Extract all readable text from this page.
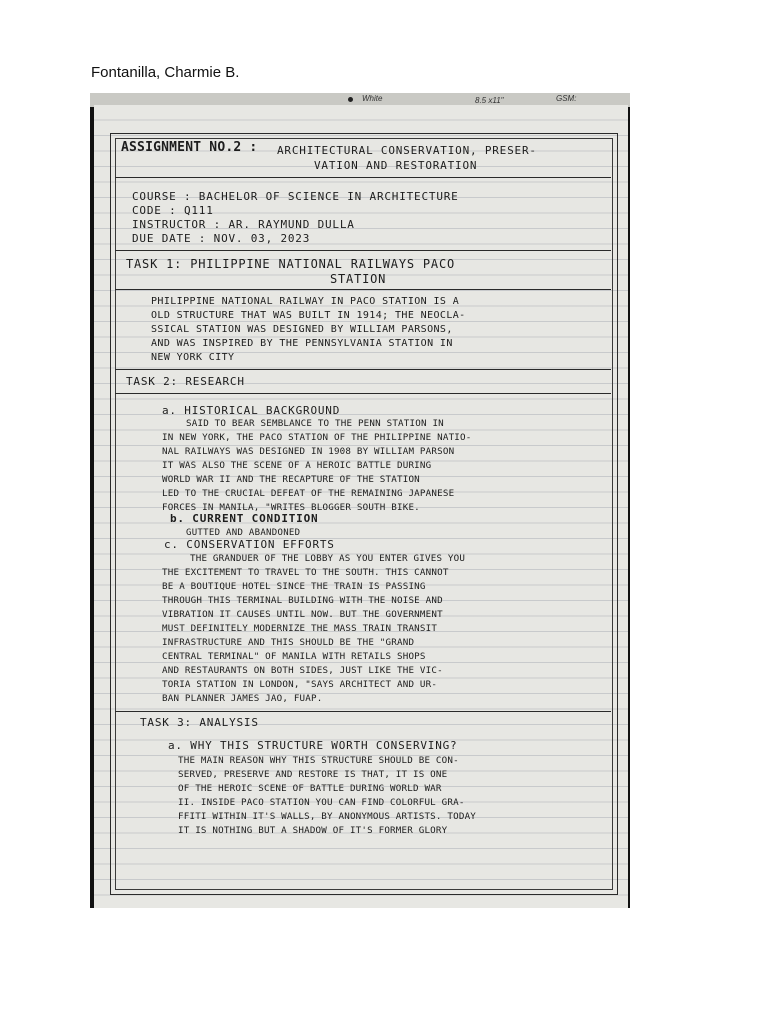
Fontanilla, Charmie B.
White	8.5 x11"	GSM:
ASSIGNMENT NO.2 : ARCHITECTURAL CONSERVATION, PRESER-
VATION AND RESTORATION
COURSE : BACHELOR OF SCIENCE IN ARCHITECTURE
CODE : Q111
INSTRUCTOR : AR. RAYMUND DULLA
DUE DATE : NOV. 03, 2023
TASK 1: PHILIPPINE NATIONAL RAILWAYS PACO
STATION
PHILIPPINE NATIONAL RAILWAY IN PACO STATION IS A
OLD STRUCTURE THAT WAS BUILT IN 1914; THE NEOCLA-
SSICAL STATION WAS DESIGNED BY WILLIAM PARSONS,
AND WAS INSPIRED BY THE PENNSYLVANIA STATION IN
NEW YORK CITY
TASK 2: RESEARCH
a. HISTORICAL BACKGROUND
SAID TO BEAR SEMBLANCE TO THE PENN STATION IN
IN NEW YORK, THE PACO STATION OF THE PHILIPPINE NATIO-
NAL RAILWAYS WAS DESIGNED IN 1908 BY WILLIAM PARSON
IT WAS ALSO THE SCENE OF A HEROIC BATTLE DURING
WORLD WAR II AND THE RECAPTURE OF THE STATION
LED TO THE CRUCIAL DEFEAT OF THE REMAINING JAPANESE
FORCES IN MANILA, "WRITES BLOGGER SOUTH BIKE.
b. CURRENT CONDITION
GUTTED AND ABANDONED
c. CONSERVATION EFFORTS
THE GRANDUER OF THE LOBBY AS YOU ENTER GIVES YOU
THE EXCITEMENT TO TRAVEL TO THE SOUTH. THIS CANNOT
BE A BOUTIQUE HOTEL SINCE THE TRAIN IS PASSING
THROUGH THIS TERMINAL BUILDING WITH THE NOISE AND
VIBRATION IT CAUSES UNTIL NOW. BUT THE GOVERNMENT
MUST DEFINITELY MODERNIZE THE MASS TRAIN TRANSIT
INFRASTRUCTURE AND THIS SHOULD BE THE "GRAND
CENTRAL TERMINAL" OF MANILA WITH RETAILS SHOPS
AND RESTAURANTS ON BOTH SIDES, JUST LIKE THE VIC-
TORIA STATION IN LONDON, "SAYS ARCHITECT AND UR-
BAN PLANNER JAMES JAO, FUAP.
TASK 3: ANALYSIS
a. WHY THIS STRUCTURE WORTH CONSERVING?
THE MAIN REASON WHY THIS STRUCTURE SHOULD BE CON-
SERVED, PRESERVE AND RESTORE IS THAT, IT IS ONE
OF THE HEROIC SCENE OF BATTLE DURING WORLD WAR
II. INSIDE PACO STATION YOU CAN FIND COLORFUL GRA-
FFITI WITHIN IT'S WALLS, BY ANONYMOUS ARTISTS. TODAY
IT IS NOTHING BUT A SHADOW OF IT'S FORMER GLORY
